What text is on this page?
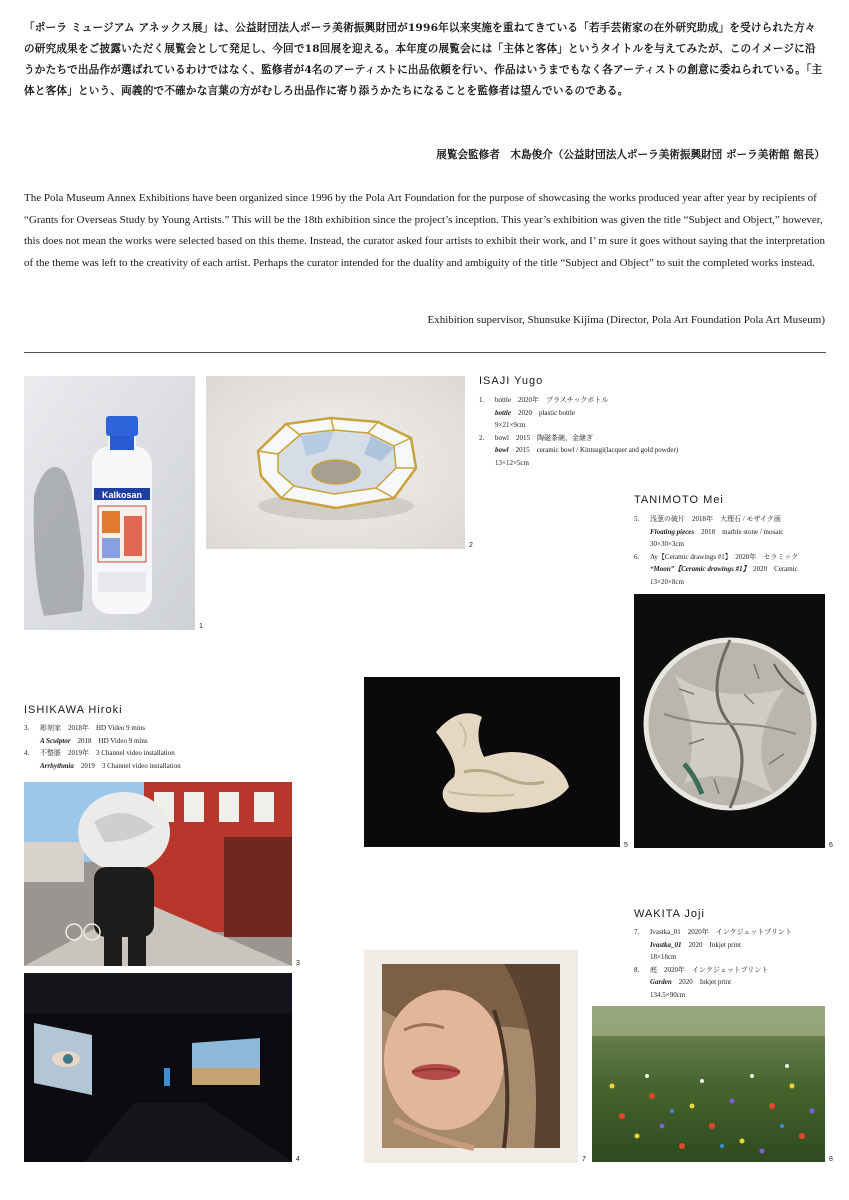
「ポーラ ミュージアム アネックス展」は、公益財団法人ポーラ美術振興財団が1996年以来実施を重ねてきている「若手芸術家の在外研究助成」を受けられた方々の研究成果をご披露いただく展覧会として発足し、今回で18回展を迎える。本年度の展覧会には「主体と客体」というタイトルを与えてみたが、このイメージに沿うかたちで出品作が選ばれているわけではなく、監修者が4名のアーティストに出品依頼を行い、作品はいうまでもなく各アーティストの創意に委ねられている。「主体と客体」という、両義的で不確かな言葉の方がむしろ出品作に寄り添うかたちになることを監修者は望んでいるのである。

展覧会監修者　木島俊介（公益財団法人ポーラ美術振興財団 ポーラ美術館 館長）

The Pola Museum Annex Exhibitions have been organized since 1996 by the Pola Art Foundation for the purpose of showcasing the works produced year after year by recipients of “Grants for Overseas Study by Young Artists.” This will be the 18th exhibition since the project’s inception. This year’s exhibition was given the title “Subject and Object,” however, this does not mean the works were selected based on this theme. Instead, the curator asked four artists to exhibit their work, and I’ m sure it goes without saying that the interpretation of the theme was left to the creativity of each artist. Perhaps the curator intended for the duality and ambiguity of the title “Subject and Object” to suit the completed works instead.

Exhibition supervisor, Shunsuke Kijima (Director, Pola Art Foundation Pola Art Museum)

Kalkosan
1
2
ISAJI Yugo
1. bottle　2020年　プラスチックボトル
bottle　2020　plastic bottle
9×21×9cm
2. bowl　2015　陶磁茶碗、金継ぎ
bowl　2015　ceramic bowl / Kintsugi(lacquer and gold powder)
13×12×5cm
TANIMOTO Mei
5. 浅葱の破片　2018年　大理石 / モザイク画
Floating pieces　2018　marble stone / mosaic
30×30×3cm
6. Ay【Ceramic drawings #1】　2020年　セラミック
“Moon”【Ceramic drawings #1】　2020　Ceramic
13×20×8cm
6
5
ISHIKAWA Hiroki
3. 彫刻家　2018年　HD Video 9 mins
A Sculptor　2018　HD Video 9 mins
4. 不整脈　2019年　3 Channel video installation
Arrhythmia　2019　3 Channel video installation
3
4	7
WAKITA Joji
7. Ivastka_01　2020年　インクジェットプリント
Ivastka_01　2020　Inkjet print
18×18cm
8. 庭　2020年　インクジェットプリント
Garden　2020　Inkjet print
134.5×90cm
8
